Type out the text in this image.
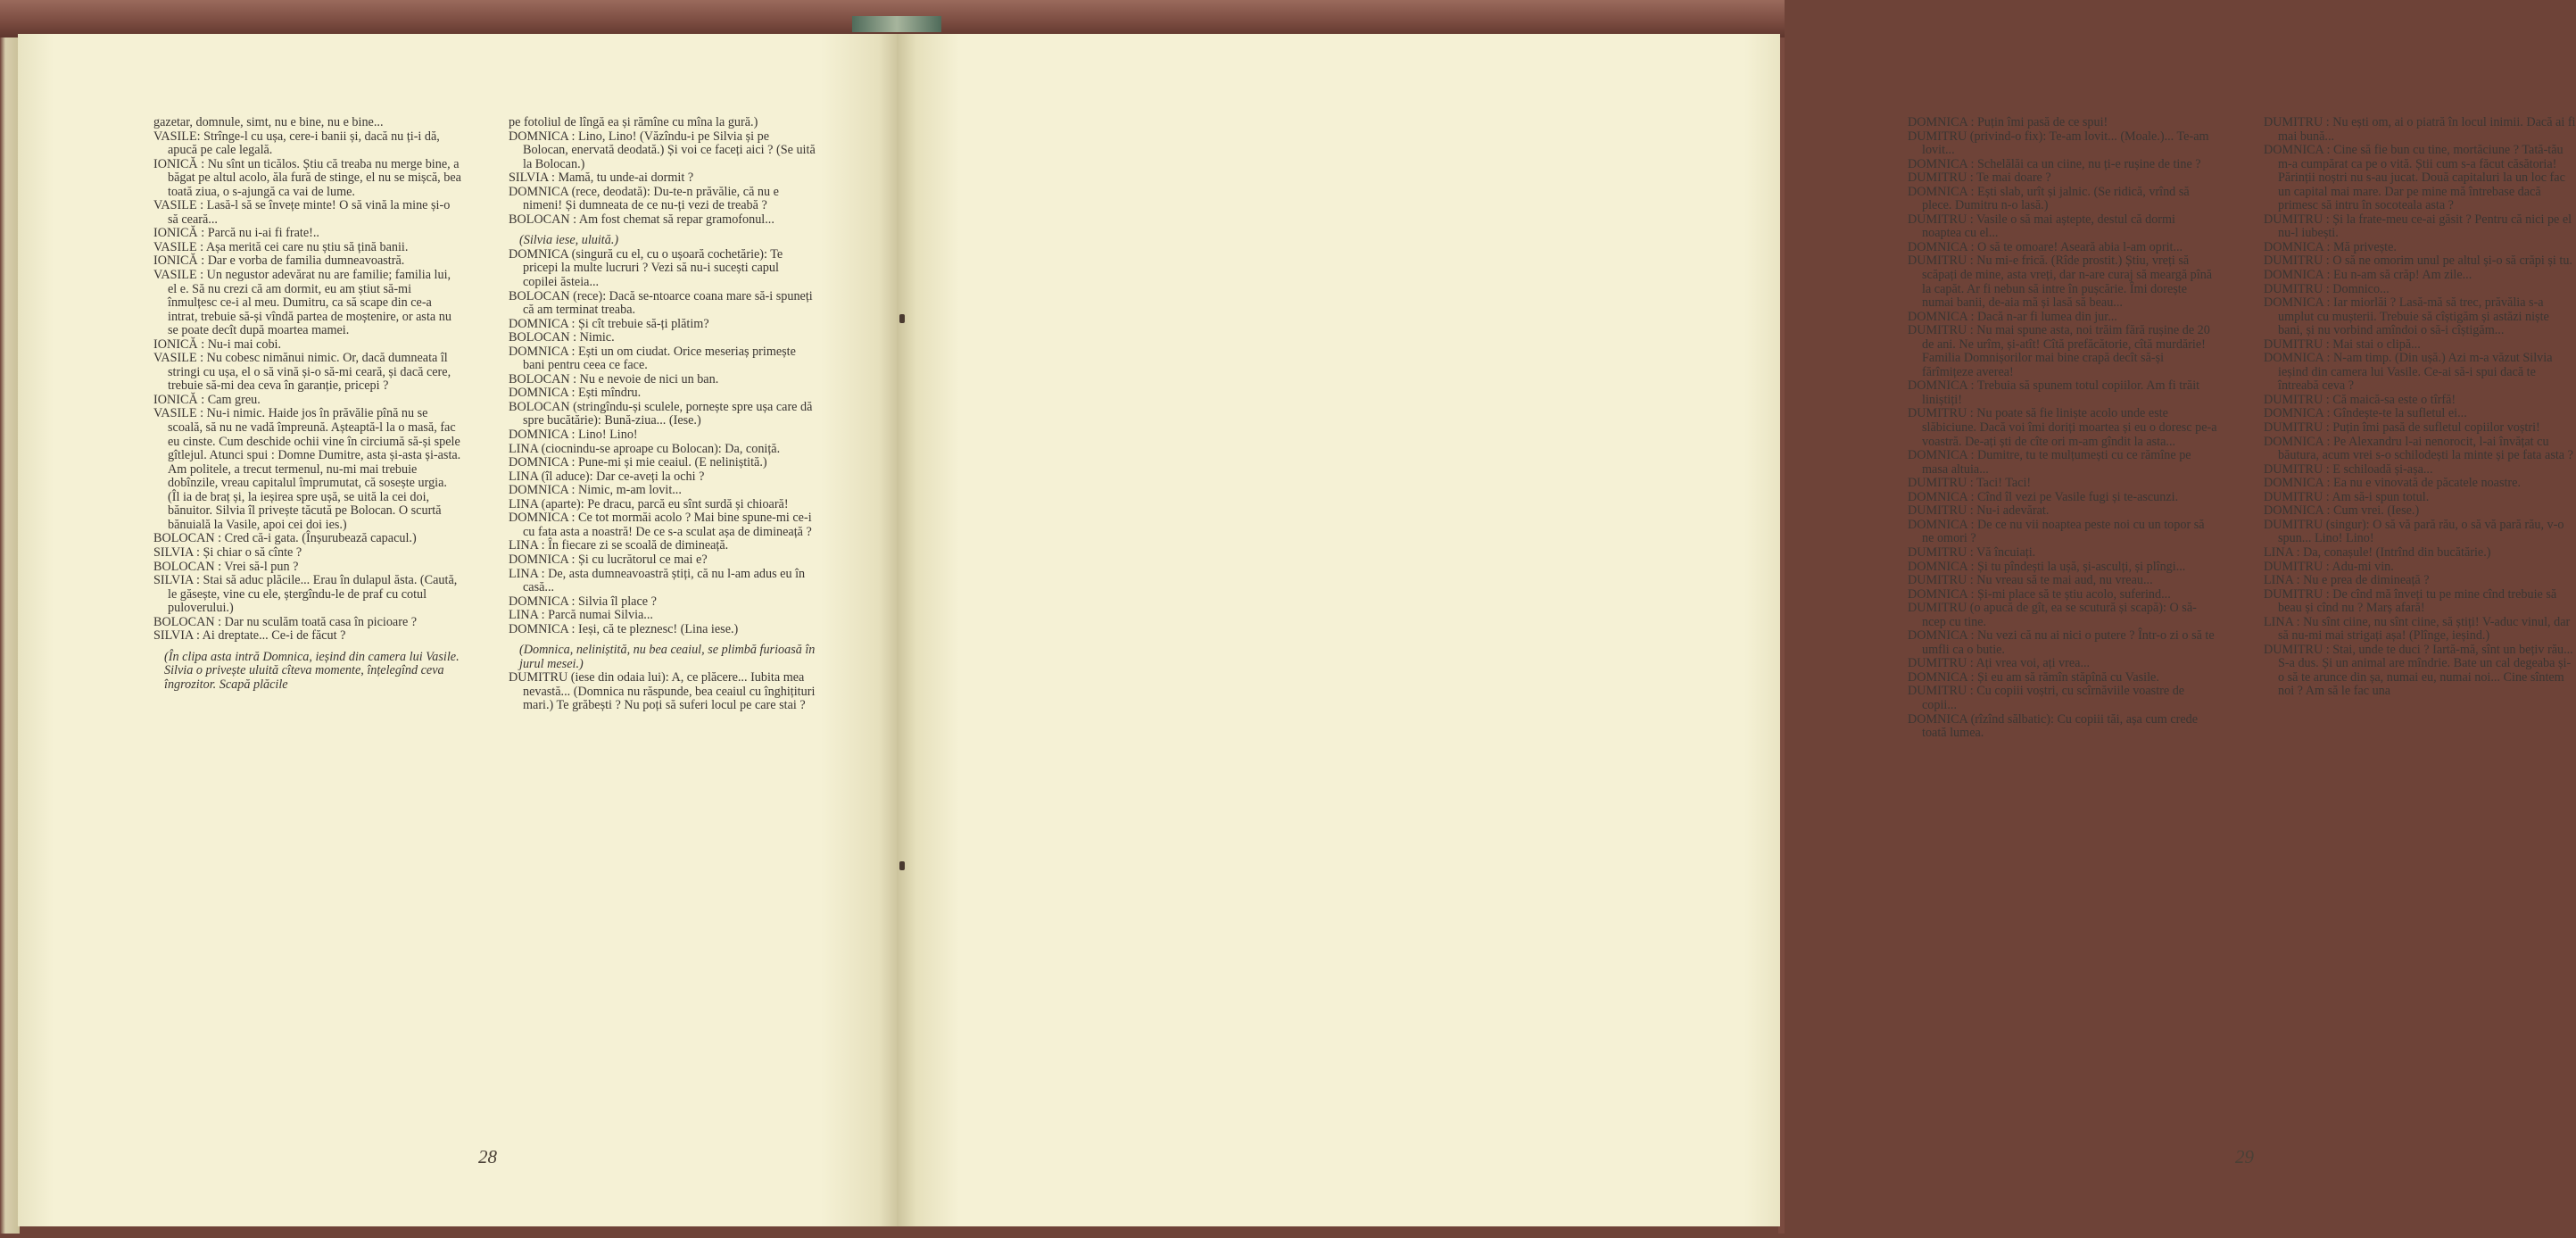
gazetar, domnule, simt, nu e bine, nu e bine...

VASILE: Strînge-l cu ușa, cere-i banii și, dacă nu ți-i dă, apucă pe cale legală.

IONICĂ : Nu sînt un ticălos. Știu că treaba nu merge bine, a băgat pe altul acolo, ăla fură de stinge, el nu se mișcă, bea toată ziua, o s-ajungă ca vai de lume.

VASILE : Lasă-l să se învețe minte! O să vină la mine și-o să ceară...

IONICĂ : Parcă nu i-ai fi frate!..

VASILE : Așa merită cei care nu știu să țină banii.

IONICĂ : Dar e vorba de familia dumneavoastră.

VASILE : Un negustor adevărat nu are familie; familia lui, el e. Să nu crezi că am dormit, eu am știut să-mi înmulțesc ce-i al meu. Dumitru, ca să scape din ce-a intrat, trebuie să-și vîndă partea de moștenire, or asta nu se poate decît după moartea mamei.

IONICĂ : Nu-i mai cobi.

VASILE : Nu cobesc nimănui nimic. Or, dacă dumneata îl stringi cu ușa, el o să vină și-o să-mi ceară, și dacă cere, trebuie să-mi dea ceva în garanție, pricepi ?

IONICĂ : Cam greu.

VASILE : Nu-i nimic. Haide jos în prăvălie pînă nu se scoală, să nu ne vadă împreună. Așteaptă-l la o masă, fac eu cinste. Cum deschide ochii vine în circiumă să-și spele gîtlejul. Atunci spui : Domne Dumitre, asta și-asta și-asta. Am politele, a trecut termenul, nu-mi mai trebuie dobînzile, vreau capitalul împrumutat, că sosește urgia. (Îl ia de braț și, la ieșirea spre ușă, se uită la cei doi, bănuitor. Silvia îl privește tăcută pe Bolocan. O scurtă bănuială la Vasile, apoi cei doi ies.)

BOLOCAN : Cred că-i gata. (Înșurubează capacul.)

SILVIA : Și chiar o să cînte ?

BOLOCAN : Vrei să-l pun ?

SILVIA : Stai să aduc plăcile... Erau în dulapul ăsta. (Caută, le găsește, vine cu ele, ștergîndu-le de praf cu cotul puloverului.)

BOLOCAN : Dar nu sculăm toată casa în picioare ?

SILVIA : Ai dreptate... Ce-i de făcut ?

(În clipa asta intră Domnica, ieșind din camera lui Vasile. Silvia o privește uluită cîteva momente, înțelegînd ceva îngrozitor. Scapă plăcile

pe fotoliul de lîngă ea și rămîne cu mîna la gură.)

DOMNICA : Lino, Lino! (Văzîndu-i pe Silvia și pe Bolocan, enervată deodată.) Și voi ce faceți aici ? (Se uită la Bolocan.)

SILVIA : Mamă, tu unde-ai dormit ?

DOMNICA (rece, deodată): Du-te-n prăvălie, că nu e nimeni! Și dumneata de ce nu-ți vezi de treabă ?

BOLOCAN : Am fost chemat să repar gramofonul...

(Silvia iese, uluită.)

DOMNICA (singură cu el, cu o ușoară cochetărie): Te pricepi la multe lucruri ? Vezi să nu-i sucești capul copilei ăsteia...

BOLOCAN (rece): Dacă se-ntoarce coana mare să-i spuneți că am terminat treaba.

DOMNICA : Și cît trebuie să-ți plătim?

BOLOCAN : Nimic.

DOMNICA : Ești un om ciudat. Orice meseriaș primește bani pentru ceea ce face.

BOLOCAN : Nu e nevoie de nici un ban.

DOMNICA : Ești mîndru.

BOLOCAN (stringîndu-și sculele, pornește spre ușa care dă spre bucătărie): Bună-ziua... (Iese.)

DOMNICA : Lino! Lino!

LINA (ciocnindu-se aproape cu Bolocan): Da, coniță.

DOMNICA : Pune-mi și mie ceaiul. (E neliniștită.)

LINA (îl aduce): Dar ce-aveți la ochi ?

DOMNICA : Nimic, m-am lovit...

LINA (aparte): Pe dracu, parcă eu sînt surdă și chioară!

DOMNICA : Ce tot mormăi acolo ? Mai bine spune-mi ce-i cu fata asta a noastră! De ce s-a sculat așa de dimineață ?

LINA : În fiecare zi se scoală de dimineață.

DOMNICA : Și cu lucrătorul ce mai e?

LINA : De, asta dumneavoastră știți, că nu l-am adus eu în casă...

DOMNICA : Silvia îl place ?

LINA : Parcă numai Silvia...

DOMNICA : Ieși, că te pleznesc! (Lina iese.)

(Domnica, neliniștită, nu bea ceaiul, se plimbă furioasă în jurul mesei.)

DUMITRU (iese din odaia lui): A, ce plăcere... Iubita mea nevastă... (Domnica nu răspunde, bea ceaiul cu înghițituri mari.) Te grăbești ? Nu poți să suferi locul pe care stai ?

28

DOMNICA : Puțin îmi pasă de ce spui!

DUMITRU (privind-o fix): Te-am lovit... (Moale.)... Te-am lovit...

DOMNICA : Schelălăi ca un ciine, nu ți-e rușine de tine ?

DUMITRU : Te mai doare ?

DOMNICA : Ești slab, urît și jalnic. (Se ridică, vrînd să plece. Dumitru n-o lasă.)

DUMITRU : Vasile o să mai aștepte, destul că dormi noaptea cu el...

DOMNICA : O să te omoare! Aseară abia l-am oprit...

DUMITRU : Nu mi-e frică. (Rîde prostit.) Știu, vreți să scăpați de mine, asta vreți, dar n-are curaj să meargă pînă la capăt. Ar fi nebun să intre în pușcărie. Îmi dorește numai banii, de-aia mă și lasă să beau...

DOMNICA : Dacă n-ar fi lumea din jur...

DUMITRU : Nu mai spune asta, noi trăim fără rușine de 20 de ani. Ne urîm, și-atît! Cîtă prefăcătorie, cîtă murdărie! Familia Domnișorilor mai bine crapă decît să-și fărîmițeze averea!

DOMNICA : Trebuia să spunem totul copiilor. Am fi trăit liniștiți!

DUMITRU : Nu poate să fie liniște acolo unde este slăbiciune. Dacă voi îmi doriți moartea și eu o doresc pe-a voastră. De-ați ști de cîte ori m-am gîndit la asta...

DOMNICA : Dumitre, tu te mulțumești cu ce rămîne pe masa altuia...

DUMITRU : Taci! Taci!

DOMNICA : Cînd îl vezi pe Vasile fugi și te-ascunzi.

DUMITRU : Nu-i adevărat.

DOMNICA : De ce nu vii noaptea peste noi cu un topor să ne omori ?

DUMITRU : Vă încuiați.

DOMNICA : Și tu pîndești la ușă, și-asculți, și plîngi...

DUMITRU : Nu vreau să te mai aud, nu vreau...

DOMNICA : Și-mi place să te știu acolo, suferind...

DUMITRU (o apucă de gît, ea se scutură și scapă): O să-ncep cu tine.

DOMNICA : Nu vezi că nu ai nici o putere ? Într-o zi o să te umfli ca o butie.

DUMITRU : Ați vrea voi, ați vrea...

DOMNICA : Și eu am să rămîn stăpînă cu Vasile.

DUMITRU : Cu copiii voștri, cu scîrnăviile voastre de copii...

DOMNICA (rîzînd sălbatic): Cu copiii tăi, așa cum crede toată lumea.

DUMITRU : Nu ești om, ai o piatră în locul inimii. Dacă ai fi mai bună...

DOMNICA : Cine să fie bun cu tine, mortăciune ? Tată-tău m-a cumpărat ca pe o vită. Știi cum s-a făcut căsătoria! Părinții noștri nu s-au jucat. Două capitaluri la un loc fac un capital mai mare. Dar pe mine mă întrebase dacă primesc să intru în socoteala asta ?

DUMITRU : Și la frate-meu ce-ai găsit ? Pentru că nici pe el nu-l iubești.

DOMNICA : Mă privește.

DUMITRU : O să ne omorim unul pe altul și-o să crăpi și tu.

DOMNICA : Eu n-am să crăp! Am zile...

DUMITRU : Domnico...

DOMNICA : Iar miorlăi ? Lasă-mă să trec, prăvălia s-a umplut cu mușterii. Trebuie să cîștigăm și astăzi niște bani, și nu vorbind amîndoi o să-i cîștigăm...

DUMITRU : Mai stai o clipă...

DOMNICA : N-am timp. (Din ușă.) Azi m-a văzut Silvia ieșind din camera lui Vasile. Ce-ai să-i spui dacă te întreabă ceva ?

DUMITRU : Că maică-sa este o tîrfă!

DOMNICA : Gîndește-te la sufletul ei...

DUMITRU : Puțin îmi pasă de sufletul copiilor voștri!

DOMNICA : Pe Alexandru l-ai nenorocit, l-ai învățat cu băutura, acum vrei s-o schilodești la minte și pe fata asta ?

DUMITRU : E schiloadă și-așa...

DOMNICA : Ea nu e vinovată de păcatele noastre.

DUMITRU : Am să-i spun totul.

DOMNICA : Cum vrei. (Iese.)

DUMITRU (singur): O să vă pară rău, o să vă pară rău, v-o spun... Lino! Lino!

LINA : Da, conașule! (Intrînd din bucătărie.)

DUMITRU : Adu-mi vin.

LINA : Nu e prea de dimineață ?

DUMITRU : De cînd mă înveți tu pe mine cînd trebuie să beau și cînd nu ? Marș afară!

LINA : Nu sînt ciine, nu sînt ciine, să știți! V-aduc vinul, dar să nu-mi mai strigați așa! (Plînge, ieșind.)

DUMITRU : Stai, unde te duci ? Iartă-mă, sînt un bețiv rău... S-a dus. Și un animal are mîndrie. Bate un cal degeaba și-o să te arunce din șa, numai eu, numai noi... Cine sîntem noi ? Am să le fac una

29
